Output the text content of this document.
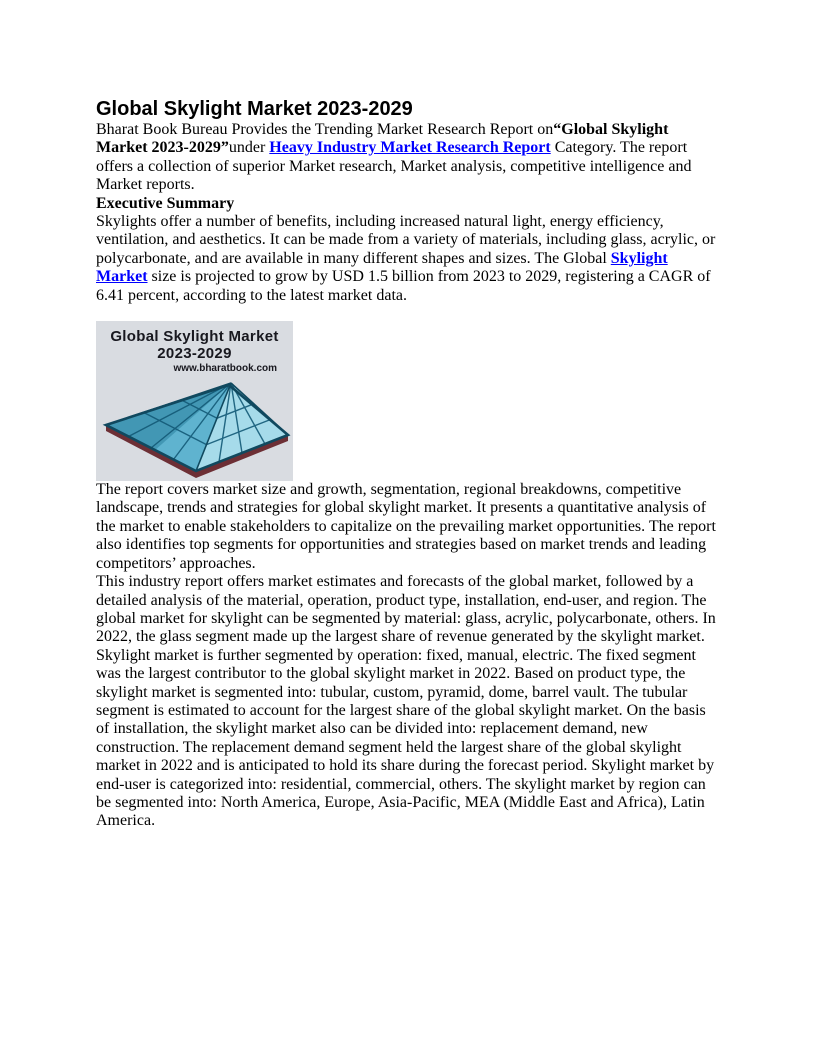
Global Skylight Market 2023-2029

Bharat Book Bureau Provides the Trending Market Research Report on“Global Skylight Market 2023-2029”under Heavy Industry Market Research Report Category. The report offers a collection of superior Market research, Market analysis, competitive intelligence and Market reports.

Executive Summary
Skylights offer a number of benefits, including increased natural light, energy efficiency, ventilation, and aesthetics. It can be made from a variety of materials, including glass, acrylic, or polycarbonate, and are available in many different shapes and sizes. The Global Skylight Market size is projected to grow by USD 1.5 billion from 2023 to 2029, registering a CAGR of 6.41 percent, according to the latest market data.

Global Skylight Market
2023-2029
www.bharatbook.com

The report covers market size and growth, segmentation, regional breakdowns, competitive landscape, trends and strategies for global skylight market. It presents a quantitative analysis of the market to enable stakeholders to capitalize on the prevailing market opportunities. The report also identifies top segments for opportunities and strategies based on market trends and leading competitors’ approaches.

This industry report offers market estimates and forecasts of the global market, followed by a detailed analysis of the material, operation, product type, installation, end-user, and region. The global market for skylight can be segmented by material: glass, acrylic, polycarbonate, others. In 2022, the glass segment made up the largest share of revenue generated by the skylight market. Skylight market is further segmented by operation: fixed, manual, electric. The fixed segment was the largest contributor to the global skylight market in 2022. Based on product type, the skylight market is segmented into: tubular, custom, pyramid, dome, barrel vault. The tubular segment is estimated to account for the largest share of the global skylight market. On the basis of installation, the skylight market also can be divided into: replacement demand, new construction. The replacement demand segment held the largest share of the global skylight market in 2022 and is anticipated to hold its share during the forecast period. Skylight market by end-user is categorized into: residential, commercial, others. The skylight market by region can be segmented into: North America, Europe, Asia-Pacific, MEA (Middle East and Africa), Latin America.
